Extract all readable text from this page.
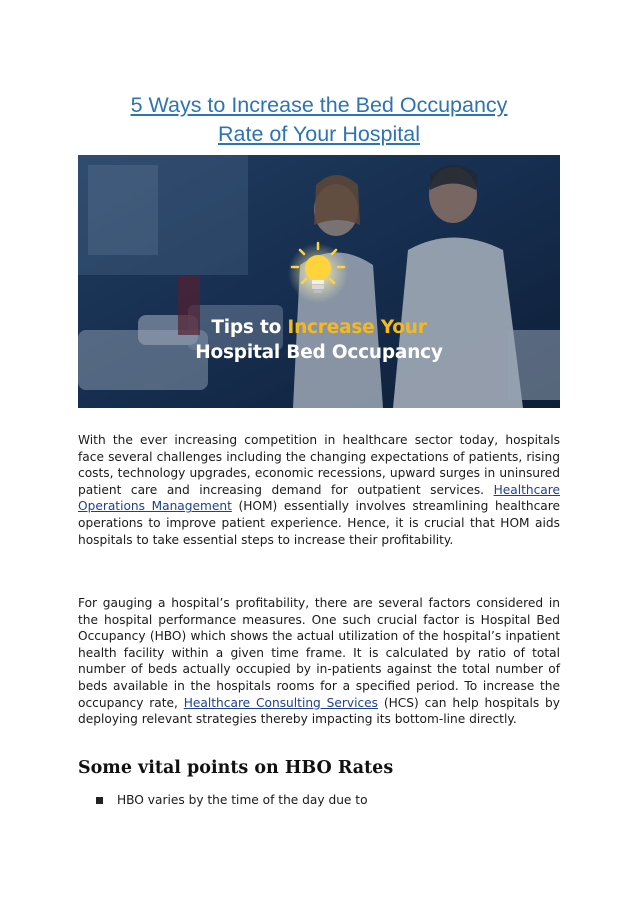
5 Ways to Increase the Bed Occupancy
Rate of Your Hospital
Tips to Increase Your
Hospital Bed Occupancy
With the ever increasing competition in healthcare sector today, hospitals face several challenges including the changing expectations of patients, rising costs, technology upgrades, economic recessions, upward surges in uninsured patient care and increasing demand for outpatient services. Healthcare Operations Management (HOM) essentially involves streamlining healthcare operations to improve patient experience. Hence, it is crucial that HOM aids hospitals to take essential steps to increase their profitability.
For gauging a hospital’s profitability, there are several factors considered in the hospital performance measures. One such crucial factor is Hospital Bed Occupancy (HBO) which shows the actual utilization of the hospital’s inpatient health facility within a given time frame. It is calculated by ratio of total number of beds actually occupied by in-patients against the total number of beds available in the hospitals rooms for a specified period. To increase the occupancy rate, Healthcare Consulting Services (HCS) can help hospitals by deploying relevant strategies thereby impacting its bottom-line directly.
Some vital points on HBO Rates
HBO varies by the time of the day due to
